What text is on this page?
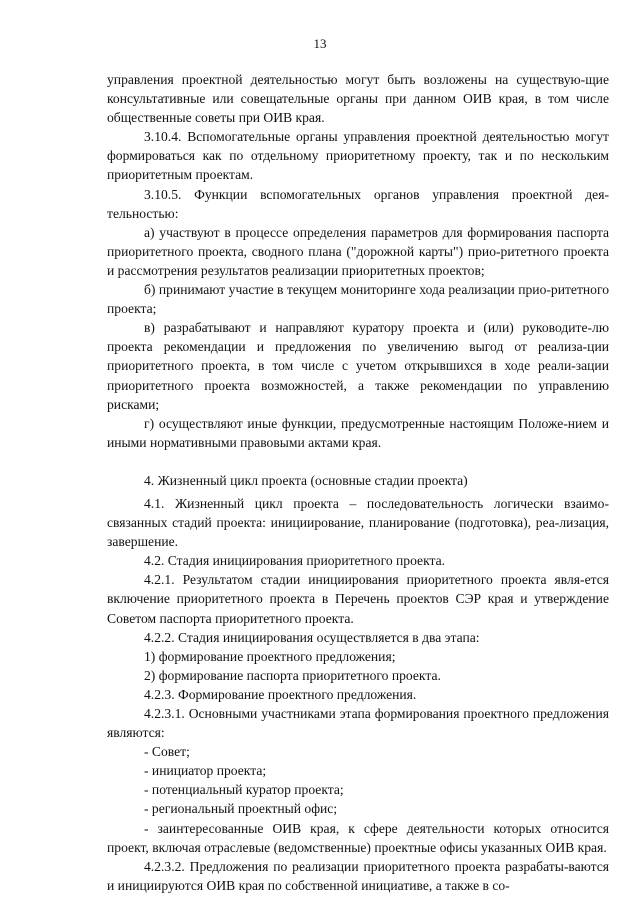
13

управления проектной деятельностью могут быть возложены на существую-щие консультативные или совещательные органы при данном ОИВ края, в том числе общественные советы при ОИВ края.

3.10.4. Вспомогательные органы управления проектной деятельностью могут формироваться как по отдельному приоритетному проекту, так и по нескольким приоритетным проектам.

3.10.5. Функции вспомогательных органов управления проектной дея-тельностью:

а) участвуют в процессе определения параметров для формирования паспорта приоритетного проекта, сводного плана ("дорожной карты") прио-ритетного проекта и рассмотрения результатов реализации приоритетных проектов;

б) принимают участие в текущем мониторинге хода реализации прио-ритетного проекта;

в) разрабатывают и направляют куратору проекта и (или) руководите-лю проекта рекомендации и предложения по увеличению выгод от реализа-ции приоритетного проекта, в том числе с учетом открывшихся в ходе реали-зации приоритетного проекта возможностей, а также рекомендации по управлению рисками;

г) осуществляют иные функции, предусмотренные настоящим Положе-нием и иными нормативными правовыми актами края.

4. Жизненный цикл проекта (основные стадии проекта)

4.1. Жизненный цикл проекта – последовательность логически взаимо-связанных стадий проекта: инициирование, планирование (подготовка), реа-лизация, завершение.

4.2. Стадия инициирования приоритетного проекта.

4.2.1. Результатом стадии инициирования приоритетного проекта явля-ется включение приоритетного проекта в Перечень проектов СЭР края и утверждение Советом паспорта приоритетного проекта.

4.2.2. Стадия инициирования осуществляется в два этапа:

1) формирование проектного предложения;

2) формирование паспорта приоритетного проекта.

4.2.3. Формирование проектного предложения.

4.2.3.1. Основными участниками этапа формирования проектного предложения являются:

- Совет;

- инициатор проекта;

- потенциальный куратор проекта;

- региональный проектный офис;

- заинтересованные ОИВ края, к сфере деятельности которых относится проект, включая отраслевые (ведомственные) проектные офисы указанных ОИВ края.

4.2.3.2. Предложения по реализации приоритетного проекта разрабаты-ваются и инициируются ОИВ края по собственной инициативе, а также в со-
